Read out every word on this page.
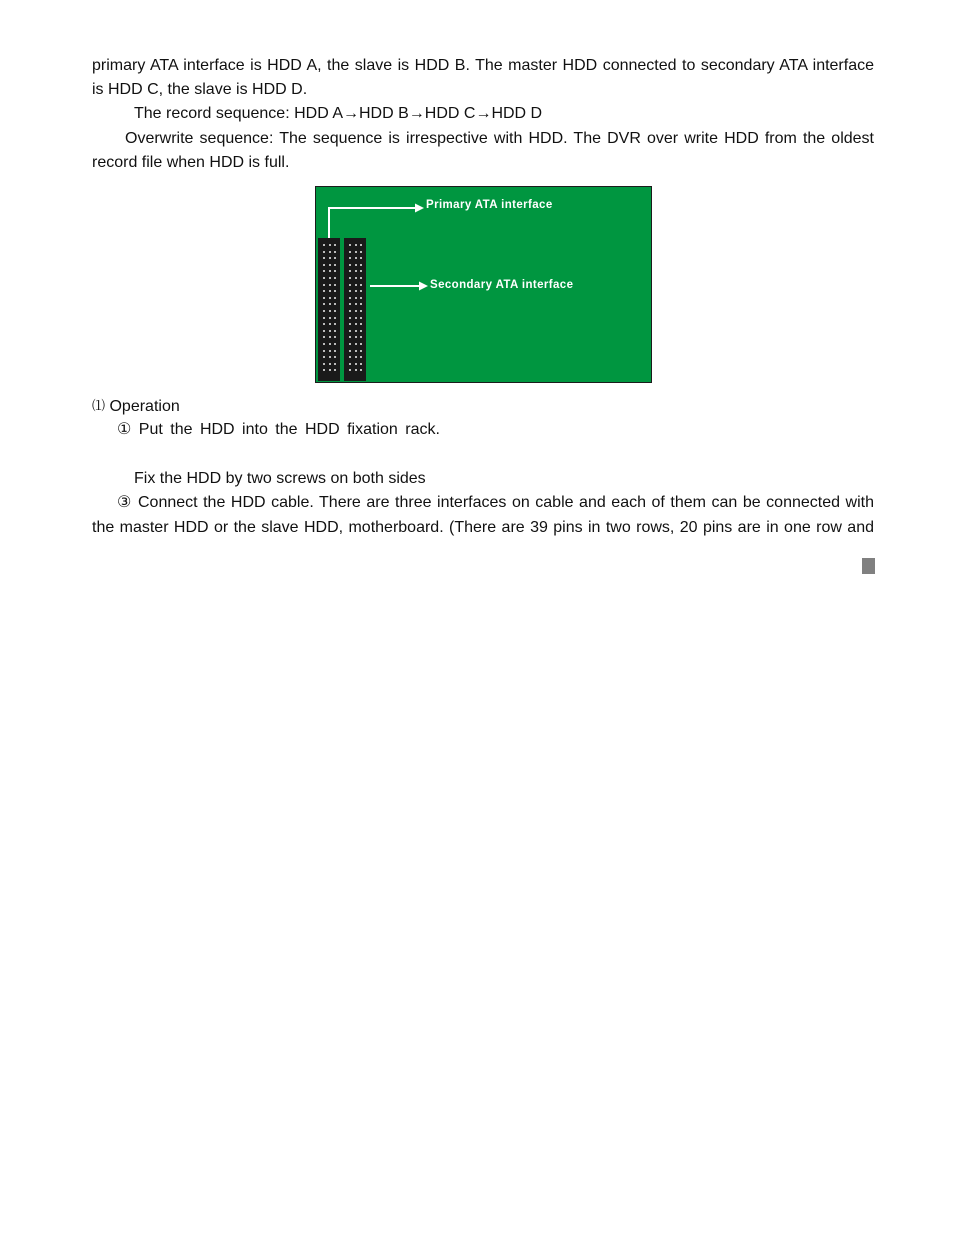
primary ATA interface is HDD A, the slave is HDD B. The master HDD connected to secondary ATA interface
is HDD C, the slave is HDD D.
The record sequence: HDD A→HDD B→HDD C→HDD D
Overwrite sequence: The sequence is irrespective with HDD. The DVR over write HDD from the oldest
record file when HDD is full.
Primary ATA interface
Secondary ATA interface
⑴ Operation
① Put the HDD into the HDD fixation rack.
Fix the HDD by two screws on both sides
③ Connect the HDD cable. There are three interfaces on cable and each of them can be connected with
the master HDD or the slave HDD, motherboard. (There are 39 pins in two rows, 20 pins are in one row and
